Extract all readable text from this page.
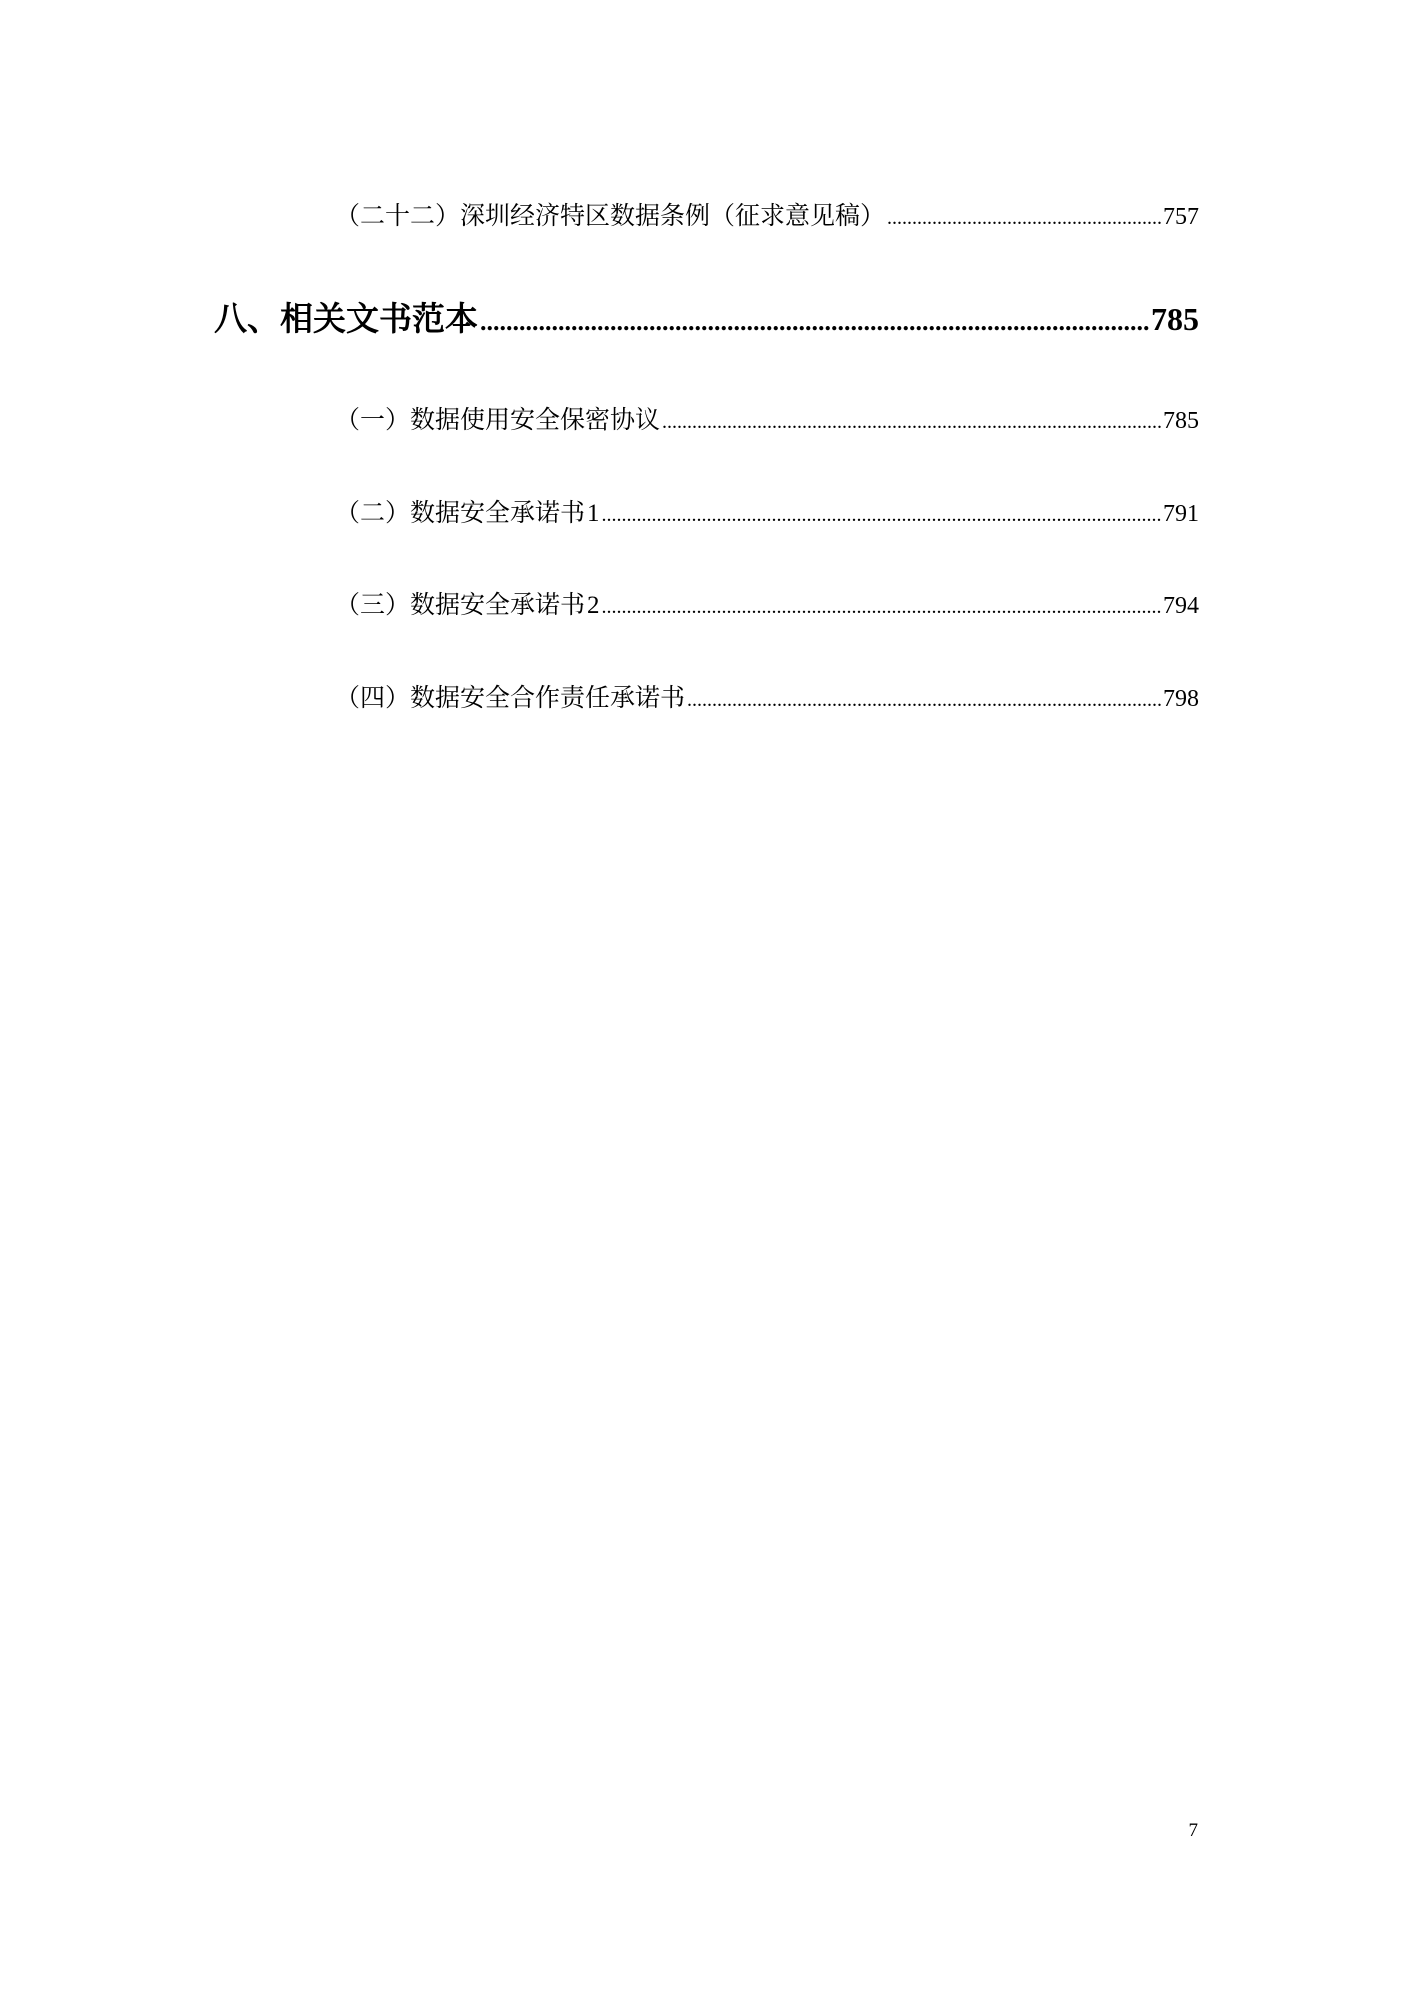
（二十二）深圳经济特区数据条例（征求意见稿） .....	757
八、 相关文书范本 .....	785
（一）数据使用安全保密协议 .....	785
（二）数据安全承诺书 1 .....	791
（三）数据安全承诺书 2 .....	794
（四）数据安全合作责任承诺书 .....	798
7
